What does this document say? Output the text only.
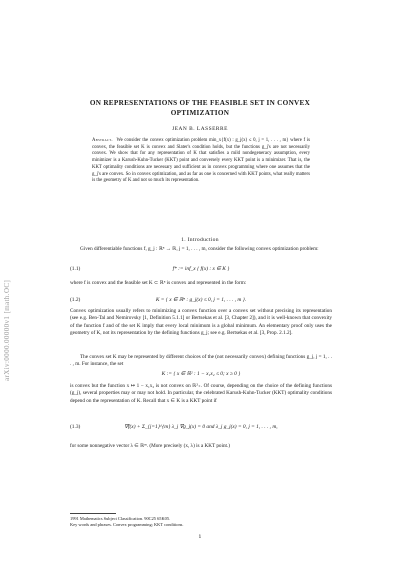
arXiv:0000.00000v1 [math.OC]
ON REPRESENTATIONS OF THE FEASIBLE SET IN CONVEX OPTIMIZATION
JEAN B. LASSERRE
Abstract. We consider the convex optimization problem min_x{f(x) : g_j(x) ≤ 0, j = 1, . . . , m} where f is convex, the feasible set K is convex and Slater's condition holds, but the functions g_j's are not necessarily convex. We show that for any representation of K that satisfies a mild nondegeneracy assumption, every minimizer is a Karush-Kuhn-Tucker (KKT) point and conversely every KKT point is a minimizer. That is, the KKT optimality conditions are necessary and sufficient as in convex programming where one assumes that the g_j's are convex. So in convex optimization, and as far as one is concerned with KKT points, what really matters is the geometry of K and not so much its representation.
1. Introduction
Given differentiable functions f, g_j : ℝⁿ → ℝ, j = 1, . . . , m, consider the following convex optimization problem:
(1.1)	f* := inf_x { f(x) : x ∈ K }
where f is convex and the feasible set K ⊂ ℝⁿ is convex and represented in the form:
(1.2)	K = { x ∈ ℝⁿ : g_j(x) ≤ 0, j = 1, . . . , m }.
Convex optimization usually refers to minimizing a convex function over a convex set without precising its representation (see e.g. Ben-Tal and Nemirovsky [1, Definition 5.1.1] or Bertsekas et al. [3, Chapter 2]), and it is well-known that convexity of the function f and of the set K imply that every local minimum is a global minimum. An elementary proof only uses the geometry of K, not its representation by the defining functions g_j; see e.g. Bertsekas et al. [3, Prop. 2.1.2].
The convex set K may be represented by different choices of the (not necessarily convex) defining functions g_j, j = 1, . . . , m. For instance, the set
K := { x ∈ ℝ² : 1 − x₁x₂ ≤ 0; x ≥ 0 }
is convex but the function x ↦ 1 − x₁x₂ is not convex on ℝ²₊. Of course, depending on the choice of the defining functions (g_j), several properties may or may not hold. In particular, the celebrated Karush-Kuhn-Tucker (KKT) optimality conditions depend on the representation of K. Recall that x ∈ K is a KKT point if
(1.3)	∇f(x) + Σ_{j=1}^{m} λ_j ∇g_j(x) = 0 and λ_j g_j(x) = 0, j = 1, . . . , m,
for some nonnegative vector λ ∈ ℝᵐ. (More precisely (x, λ) is a KKT point.)
1991 Mathematics Subject Classification. 90C25 65K05.
Key words and phrases. Convex programming; KKT conditions.
1
